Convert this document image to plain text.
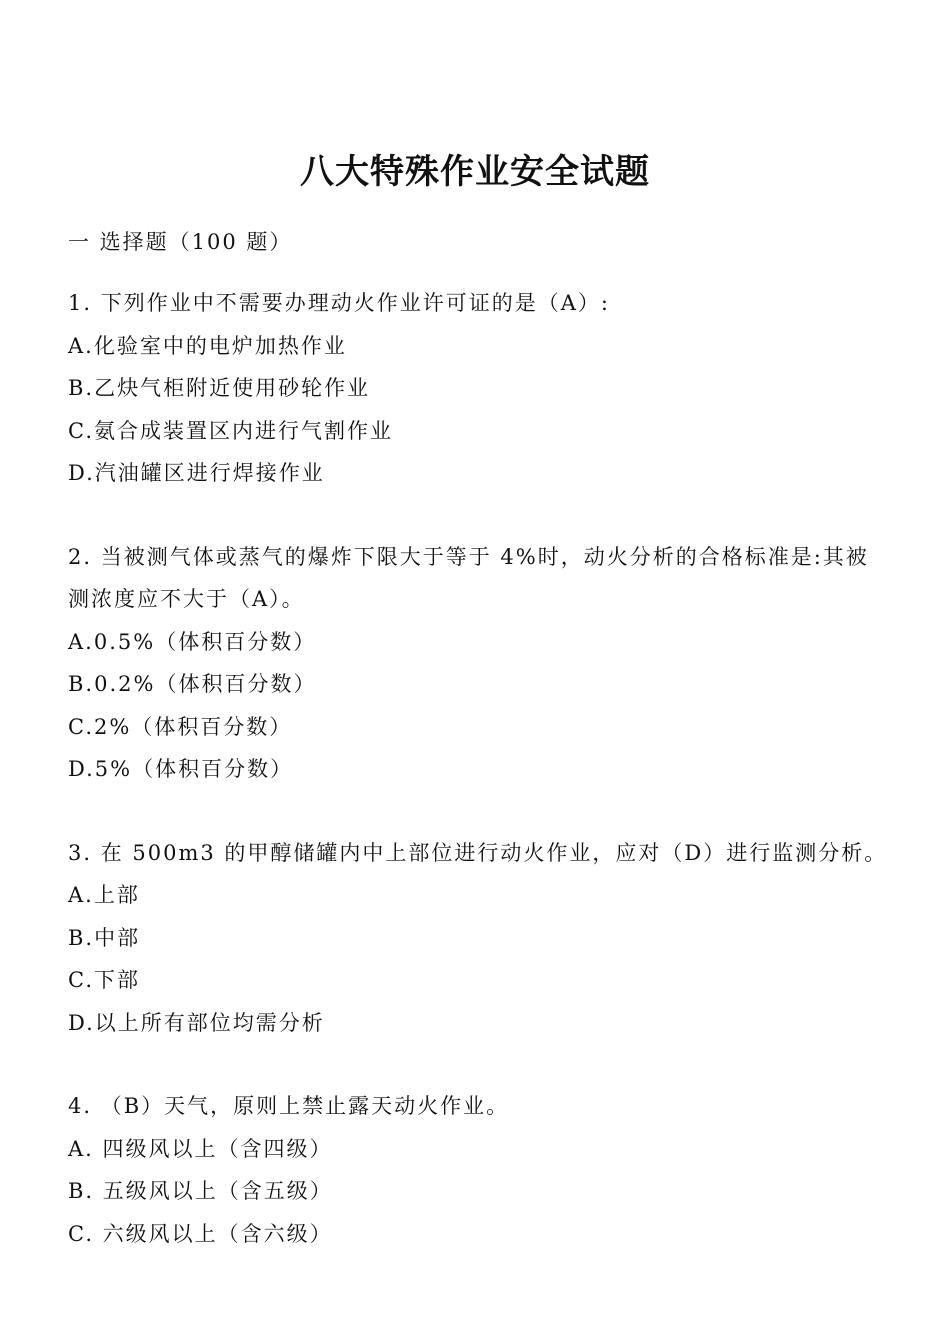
八大特殊作业安全试题
一 选择题（100 题）
1. 下列作业中不需要办理动火作业许可证的是（A）:
A.化验室中的电炉加热作业
B.乙炔气柜附近使用砂轮作业
C.氨合成装置区内进行气割作业
D.汽油罐区进行焊接作业
2. 当被测气体或蒸气的爆炸下限大于等于 4%时，动火分析的合格标准是:其被测浓度应不大于（A）。
A.0.5%（体积百分数）
B.0.2%（体积百分数）
C.2%（体积百分数）
D.5%（体积百分数）
3. 在 500m3 的甲醇储罐内中上部位进行动火作业，应对（D）进行监测分析。
A.上部
B.中部
C.下部
D.以上所有部位均需分析
4. （B）天气，原则上禁止露天动火作业。
A. 四级风以上（含四级）
B. 五级风以上（含五级）
C. 六级风以上（含六级）
